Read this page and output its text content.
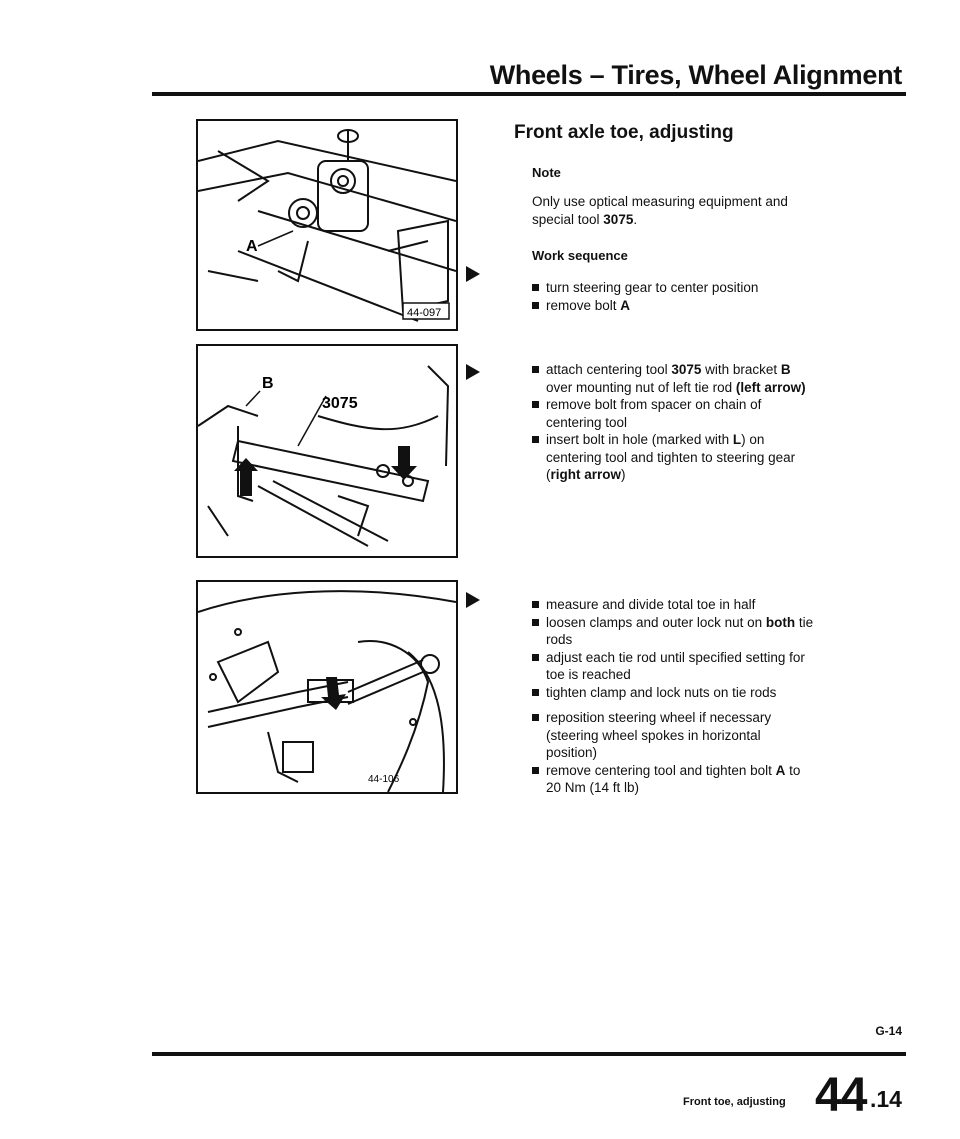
Wheels – Tires, Wheel Alignment
A
44-097
B
3075
44-106
Front axle toe, adjusting
Note
Only use optical measuring equipment and
special tool 3075.
Work sequence
turn steering gear to center position
remove bolt A
attach centering tool 3075 with bracket B
over mounting nut of left tie rod (left arrow)
remove bolt from spacer on chain of
centering tool
insert bolt in hole (marked with L) on
centering tool and tighten to steering gear
(right arrow)
measure and divide total toe in half
loosen clamps and outer lock nut on both tie
rods
adjust each tie rod until specified setting for
toe is reached
tighten clamp and lock nuts on tie rods
reposition steering wheel if necessary
(steering wheel spokes in horizontal
position)
remove centering tool and tighten bolt A to
20 Nm (14 ft lb)
G-14
Front toe, adjusting 44 .14
